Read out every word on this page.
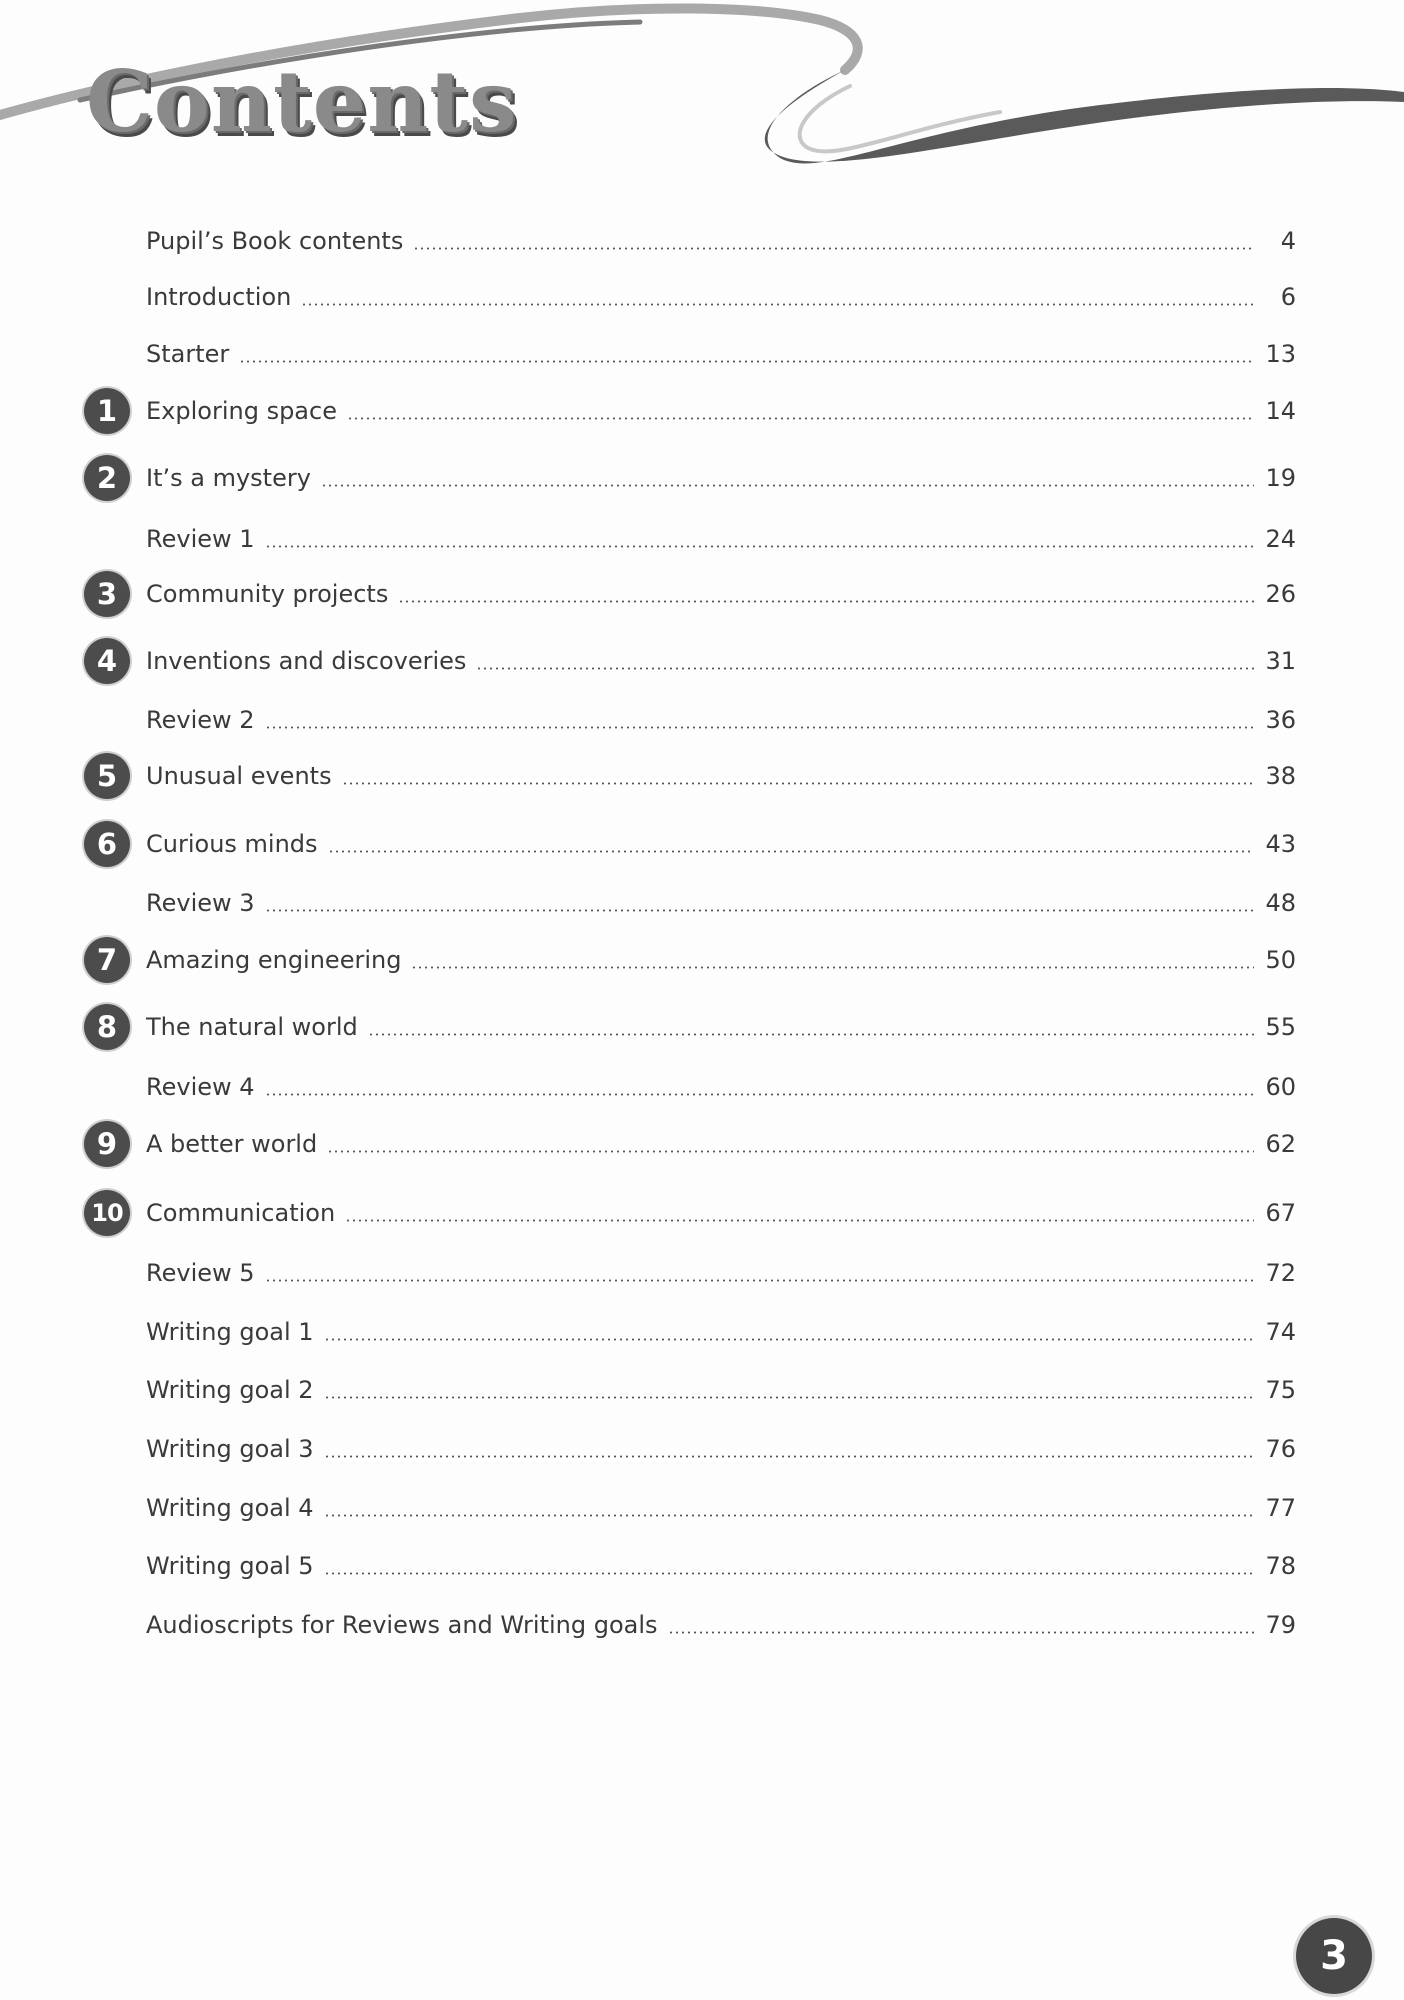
Contents
Pupil’s Book contents	4
Introduction	6
Starter	13
1	Exploring space	14
2	It’s a mystery	19
Review 1	24
3	Community projects	26
4	Inventions and discoveries	31
Review 2	36
5	Unusual events	38
6	Curious minds	43
Review 3	48
7	Amazing engineering	50
8	The natural world	55
Review 4	60
9	A better world	62
10 Communication	67
Review 5	72
Writing goal 1	74
Writing goal 2	75
Writing goal 3	76
Writing goal 4	77
Writing goal 5	78
Audioscripts for Reviews and Writing goals	79
3
